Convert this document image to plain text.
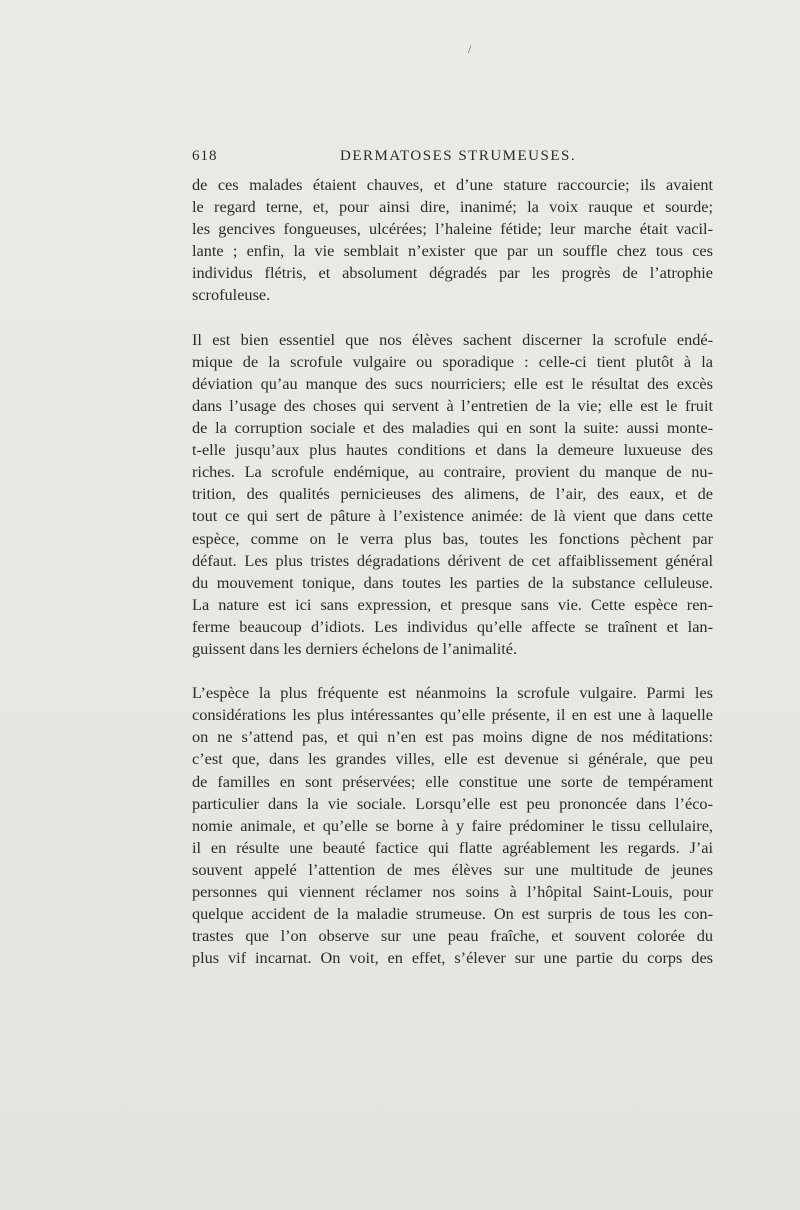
/
618	DERMATOSES STRUMEUSES.

de ces malades étaient chauves, et d’une stature raccourcie; ils avaient
le regard terne, et, pour ainsi dire, inanimé; la voix rauque et sourde;
les gencives fongueuses, ulcérées; l’haleine fétide; leur marche était vacil-
lante ; enfin, la vie semblait n’exister que par un souffle chez tous ces
individus flétris, et absolument dégradés par les progrès de l’atrophie
scrofuleuse.

Il est bien essentiel que nos élèves sachent discerner la scrofule endé-
mique de la scrofule vulgaire ou sporadique : celle-ci tient plutôt à la
déviation qu’au manque des sucs nourriciers; elle est le résultat des excès
dans l’usage des choses qui servent à l’entretien de la vie; elle est le fruit
de la corruption sociale et des maladies qui en sont la suite: aussi monte-
t-elle jusqu’aux plus hautes conditions et dans la demeure luxueuse des
riches. La scrofule endémique, au contraire, provient du manque de nu-
trition, des qualités pernicieuses des alimens, de l’air, des eaux, et de
tout ce qui sert de pâture à l’existence animée: de là vient que dans cette
espèce, comme on le verra plus bas, toutes les fonctions pèchent par
défaut. Les plus tristes dégradations dérivent de cet affaiblissement général
du mouvement tonique, dans toutes les parties de la substance celluleuse.
La nature est ici sans expression, et presque sans vie. Cette espèce ren-
ferme beaucoup d’idiots. Les individus qu’elle affecte se traînent et lan-
guissent dans les derniers échelons de l’animalité.

L’espèce la plus fréquente est néanmoins la scrofule vulgaire. Parmi les
considérations les plus intéressantes qu’elle présente, il en est une à laquelle
on ne s’attend pas, et qui n’en est pas moins digne de nos méditations:
c’est que, dans les grandes villes, elle est devenue si générale, que peu
de familles en sont préservées; elle constitue une sorte de tempérament
particulier dans la vie sociale. Lorsqu’elle est peu prononcée dans l’éco-
nomie animale, et qu’elle se borne à y faire prédominer le tissu cellulaire,
il en résulte une beauté factice qui flatte agréablement les regards. J’ai
souvent appelé l’attention de mes élèves sur une multitude de jeunes
personnes qui viennent réclamer nos soins à l’hôpital Saint-Louis, pour
quelque accident de la maladie strumeuse. On est surpris de tous les con-
trastes que l’on observe sur une peau fraîche, et souvent colorée du
plus vif incarnat. On voit, en effet, s’élever sur une partie du corps des
